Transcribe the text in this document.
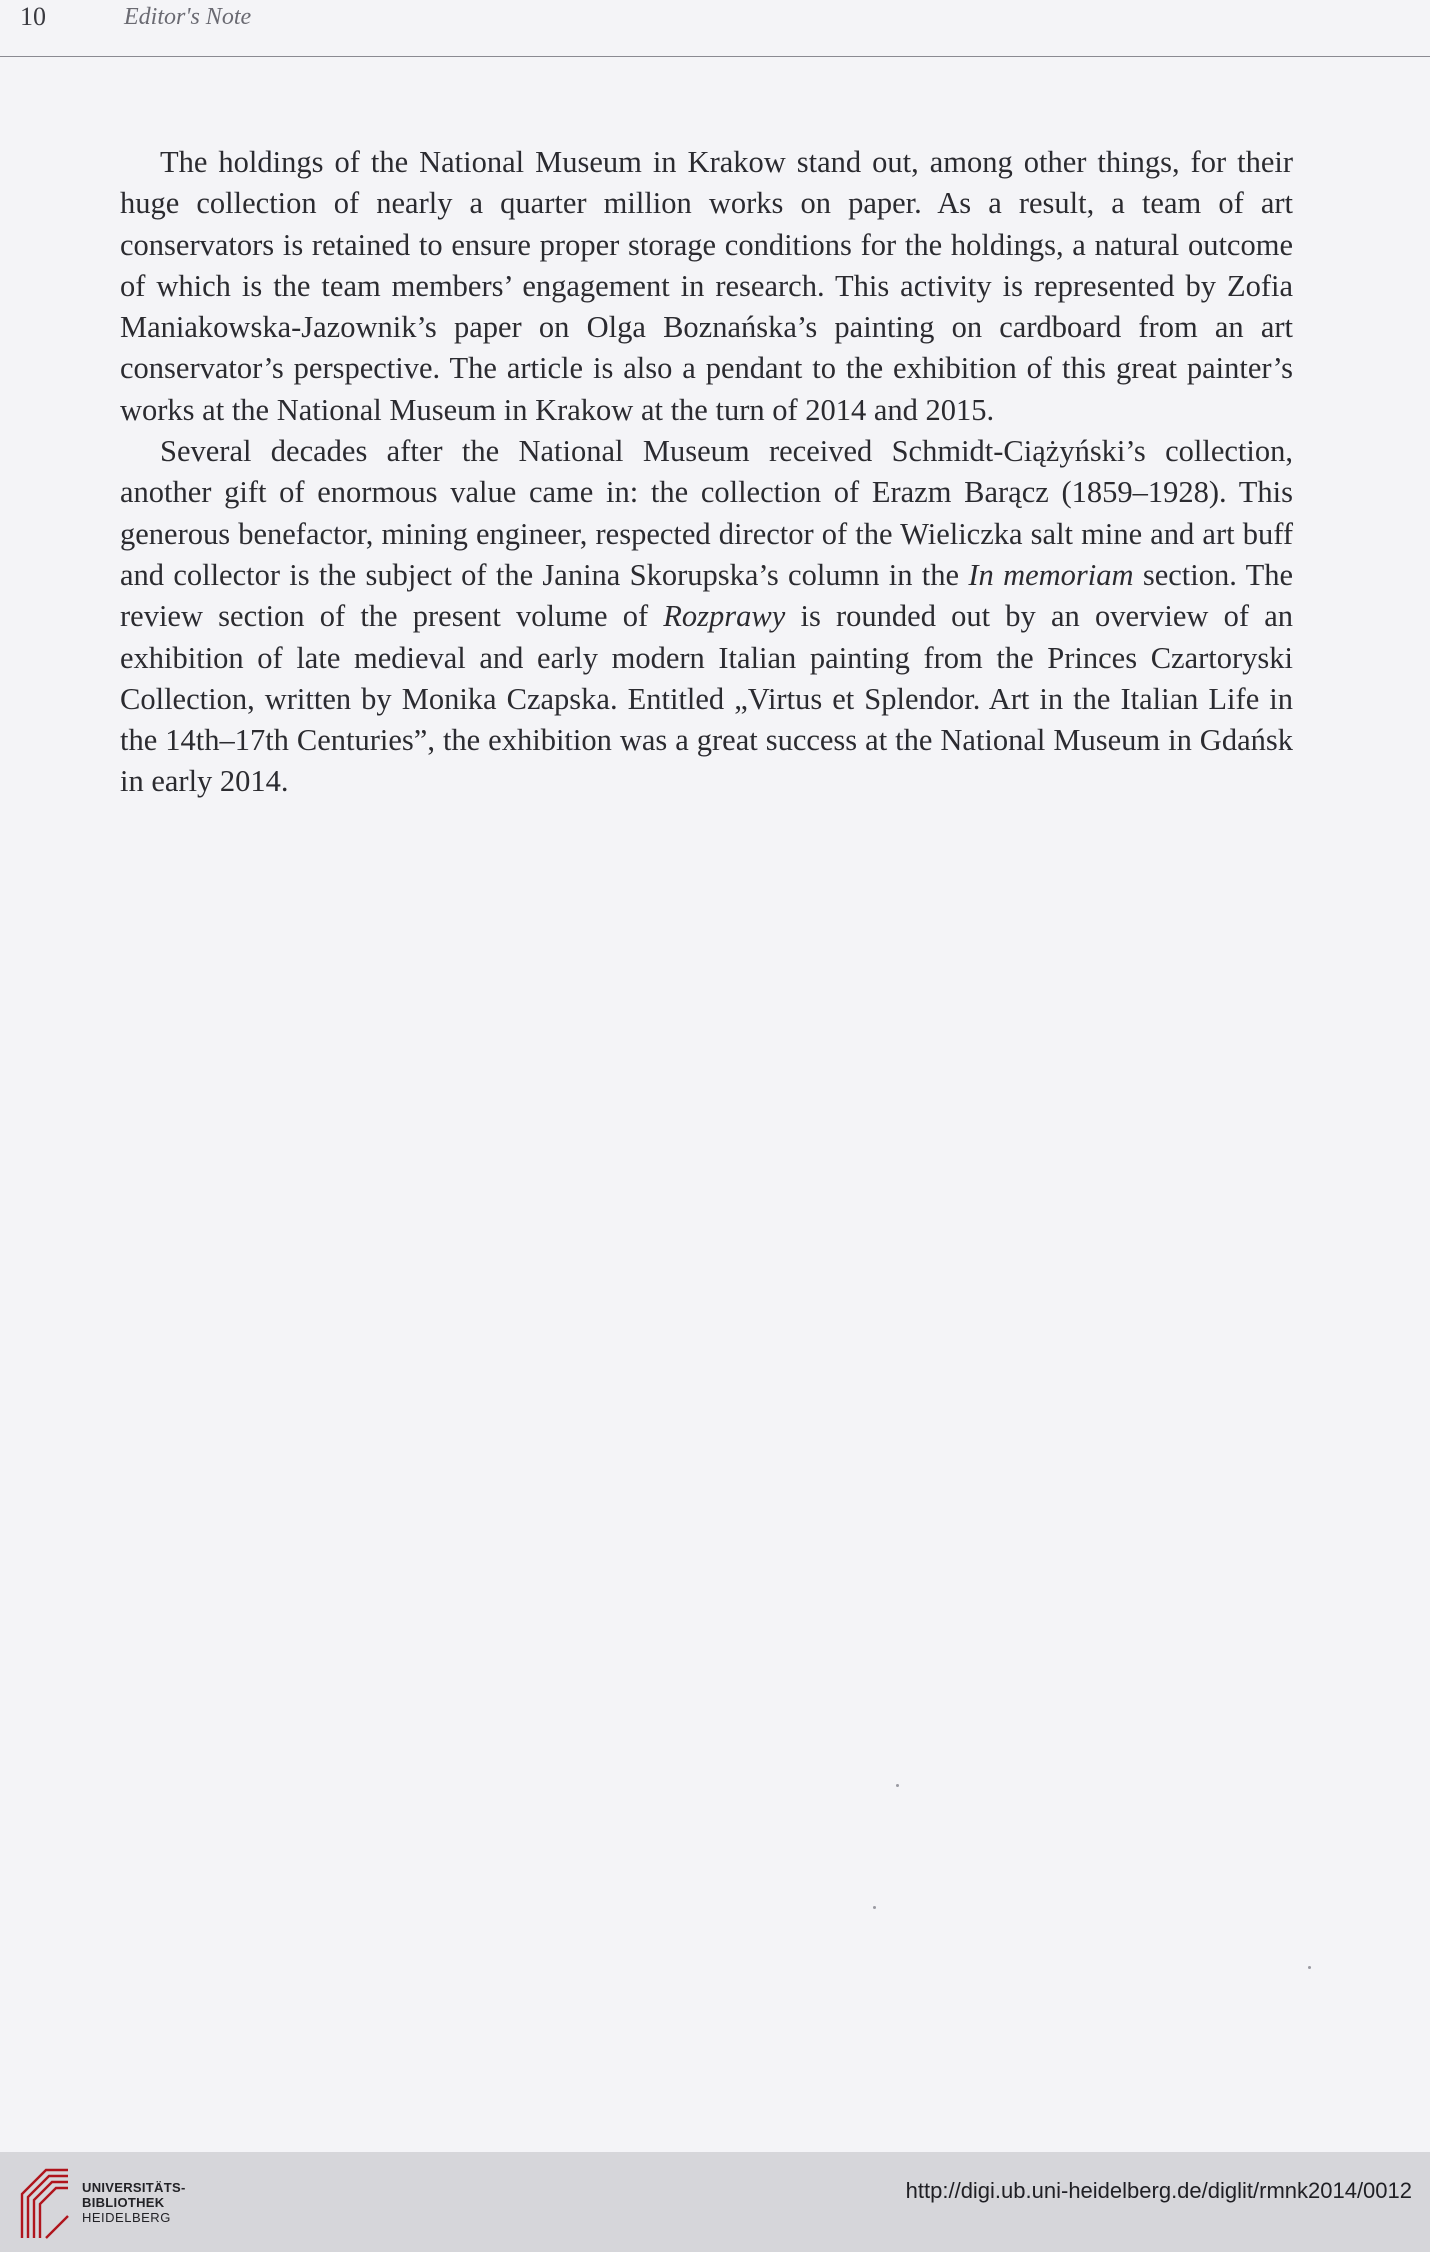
10	Editor's Note

The holdings of the National Museum in Krakow stand out, among other things, for their huge collection of nearly a quarter million works on paper. As a result, a team of art conservators is retained to ensure proper storage conditions for the holdings, a natural outcome of which is the team members’ engagement in research. This activity is represented by Zofia Maniakowska-Jazownik’s paper on Olga Boznańska’s painting on cardboard from an art conservator’s perspective. The article is also a pendant to the exhibition of this great painter’s works at the National Museum in Krakow at the turn of 2014 and 2015.

Several decades after the National Museum received Schmidt-Ciążyński’s collection, another gift of enormous value came in: the collection of Erazm Barącz (1859–1928). This generous benefactor, mining engineer, respected director of the Wieliczka salt mine and art buff and collector is the subject of the Janina Skorupska’s column in the In memoriam section. The review section of the present volume of Rozprawy is rounded out by an overview of an exhibition of late medieval and early modern Italian painting from the Princes Czartoryski Collection, written by Monika Czapska. Entitled „Virtus et Splendor. Art in the Italian Life in the 14th–17th Centuries”, the exhibition was a great success at the National Museum in Gdańsk in early 2014.

UNIVERSITÄTS-
BIBLIOTHEK
HEIDELBERG
http://digi.ub.uni-heidelberg.de/diglit/rmnk2014/0012
